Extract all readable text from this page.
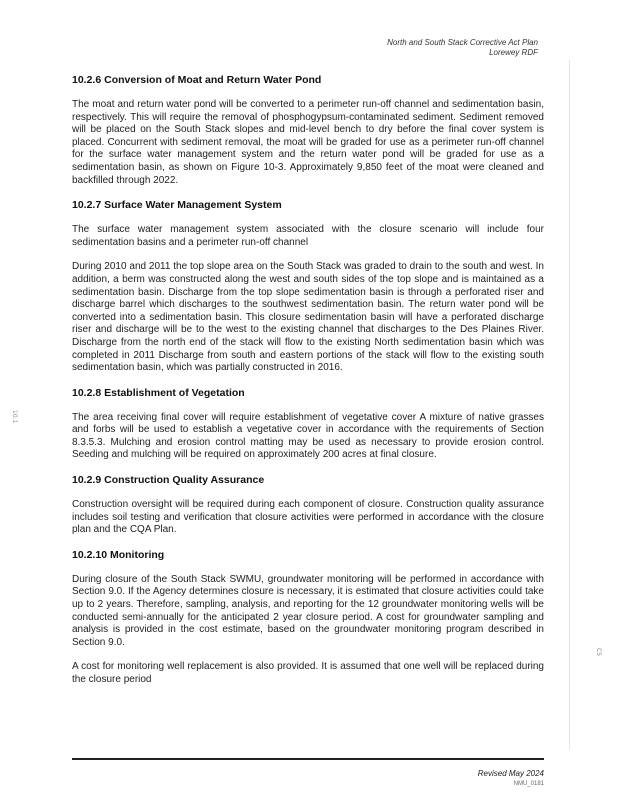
North and South Stack Corrective Act Plan
Lorewey RDF
10.1
C5
10.2.6 Conversion of Moat and Return Water Pond

The moat and return water pond will be converted to a perimeter run-off channel and sedimentation basin, respectively. This will require the removal of phosphogypsum-contaminated sediment. Sediment removed will be placed on the South Stack slopes and mid-level bench to dry before the final cover system is placed. Concurrent with sediment removal, the moat will be graded for use as a perimeter run-off channel for the surface water management system and the return water pond will be graded for use as a sedimentation basin, as shown on Figure 10-3. Approximately 9,850 feet of the moat were cleaned and backfilled through 2022.

10.2.7 Surface Water Management System

The surface water management system associated with the closure scenario will include four sedimentation basins and a perimeter run-off channel

During 2010 and 2011 the top slope area on the South Stack was graded to drain to the south and west. In addition, a berm was constructed along the west and south sides of the top slope and is maintained as a sedimentation basin. Discharge from the top slope sedimentation basin is through a perforated riser and discharge barrel which discharges to the southwest sedimentation basin. The return water pond will be converted into a sedimentation basin. This closure sedimentation basin will have a perforated discharge riser and discharge will be to the west to the existing channel that discharges to the Des Plaines River. Discharge from the north end of the stack will flow to the existing North sedimentation basin which was completed in 2011 Discharge from south and eastern portions of the stack will flow to the existing south sedimentation basin, which was partially constructed in 2016.

10.2.8 Establishment of Vegetation

The area receiving final cover will require establishment of vegetative cover A mixture of native grasses and forbs will be used to establish a vegetative cover in accordance with the requirements of Section 8.3.5.3. Mulching and erosion control matting may be used as necessary to provide erosion control. Seeding and mulching will be required on approximately 200 acres at final closure.

10.2.9 Construction Quality Assurance

Construction oversight will be required during each component of closure. Construction quality assurance includes soil testing and verification that closure activities were performed in accordance with the closure plan and the CQA Plan.

10.2.10 Monitoring

During closure of the South Stack SWMU, groundwater monitoring will be performed in accordance with Section 9.0. If the Agency determines closure is necessary, it is estimated that closure activities could take up to 2 years. Therefore, sampling, analysis, and reporting for the 12 groundwater monitoring wells will be conducted semi-annually for the anticipated 2 year closure period. A cost for groundwater sampling and analysis is provided in the cost estimate, based on the groundwater monitoring program described in Section 9.0.

A cost for monitoring well replacement is also provided. It is assumed that one well will be replaced during the closure period

Revised May 2024
NMU_0181
